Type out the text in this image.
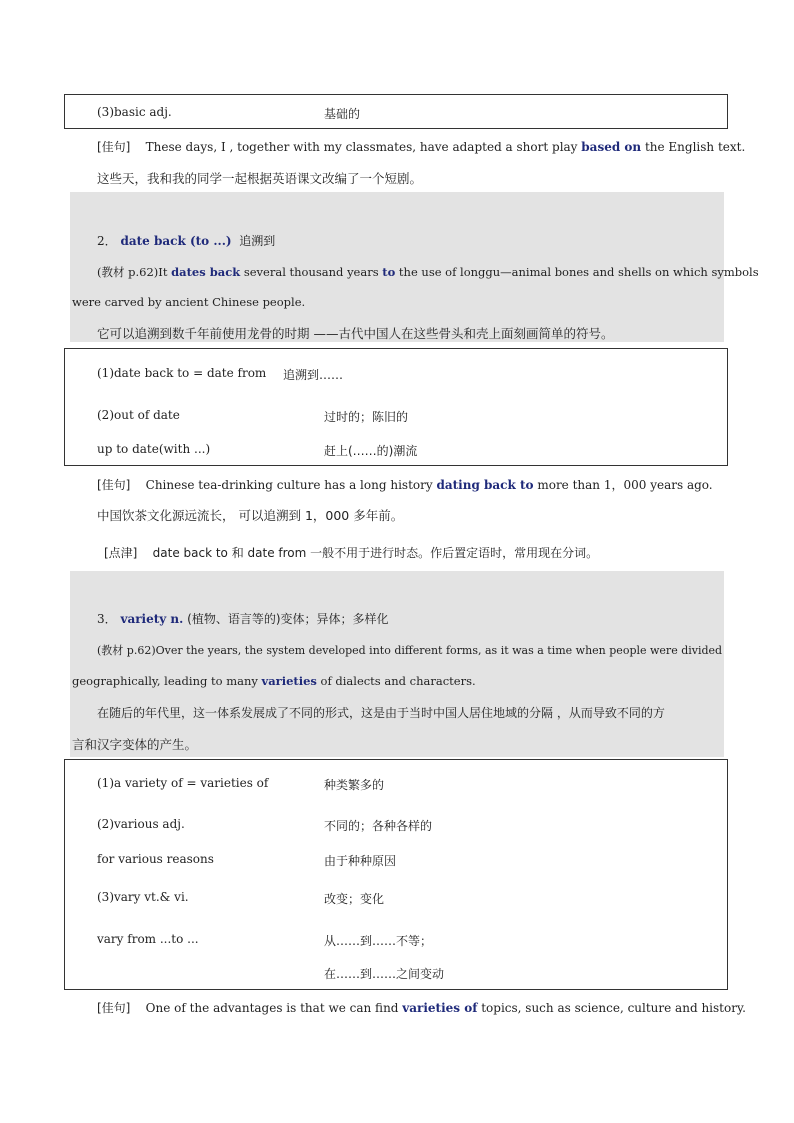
(3)basic adj.	基础的
[佳句] These days, I , together with my classmates, have adapted a short play based on the English text.
这些天，我和我的同学一起根据英语课文改编了一个短剧。
2． date back (to ...) 追溯到
(教材 p.62)It dates back several thousand years to the use of longgu—animal bones and shells on which symbols
were carved by ancient Chinese people.
它可以追溯到数千年前使用龙骨的时期 ——古代中国人在这些骨头和壳上面刻画简单的符号。
(1)date back to = date from 追溯到……
(2)out of date	过时的；陈旧的
up to date(with ...)	赶上(……的)潮流
[佳句] Chinese tea-drinking culture has a long history dating back to more than 1，000 years ago.
中国饮茶文化源远流长， 可以追溯到 1，000 多年前。
[点津] date back to 和 date from 一般不用于进行时态。作后置定语时，常用现在分词。
3． variety n. (植物、语言等的)变体；异体；多样化
(教材 p.62)Over the years, the system developed into different forms, as it was a time when people were divided
geographically, leading to many varieties of dialects and characters.
在随后的年代里，这一体系发展成了不同的形式，这是由于当时中国人居住地域的分隔 ，从而导致不同的方
言和汉字变体的产生。
(1)a variety of = varieties of	种类繁多的
(2)various adj.	不同的；各种各样的
for various reasons	由于种种原因
(3)vary vt.& vi.	改变；变化
vary from ...to ...	从……到……不等；
在……到……之间变动
[佳句] One of the advantages is that we can find varieties of topics, such as science, culture and history.
